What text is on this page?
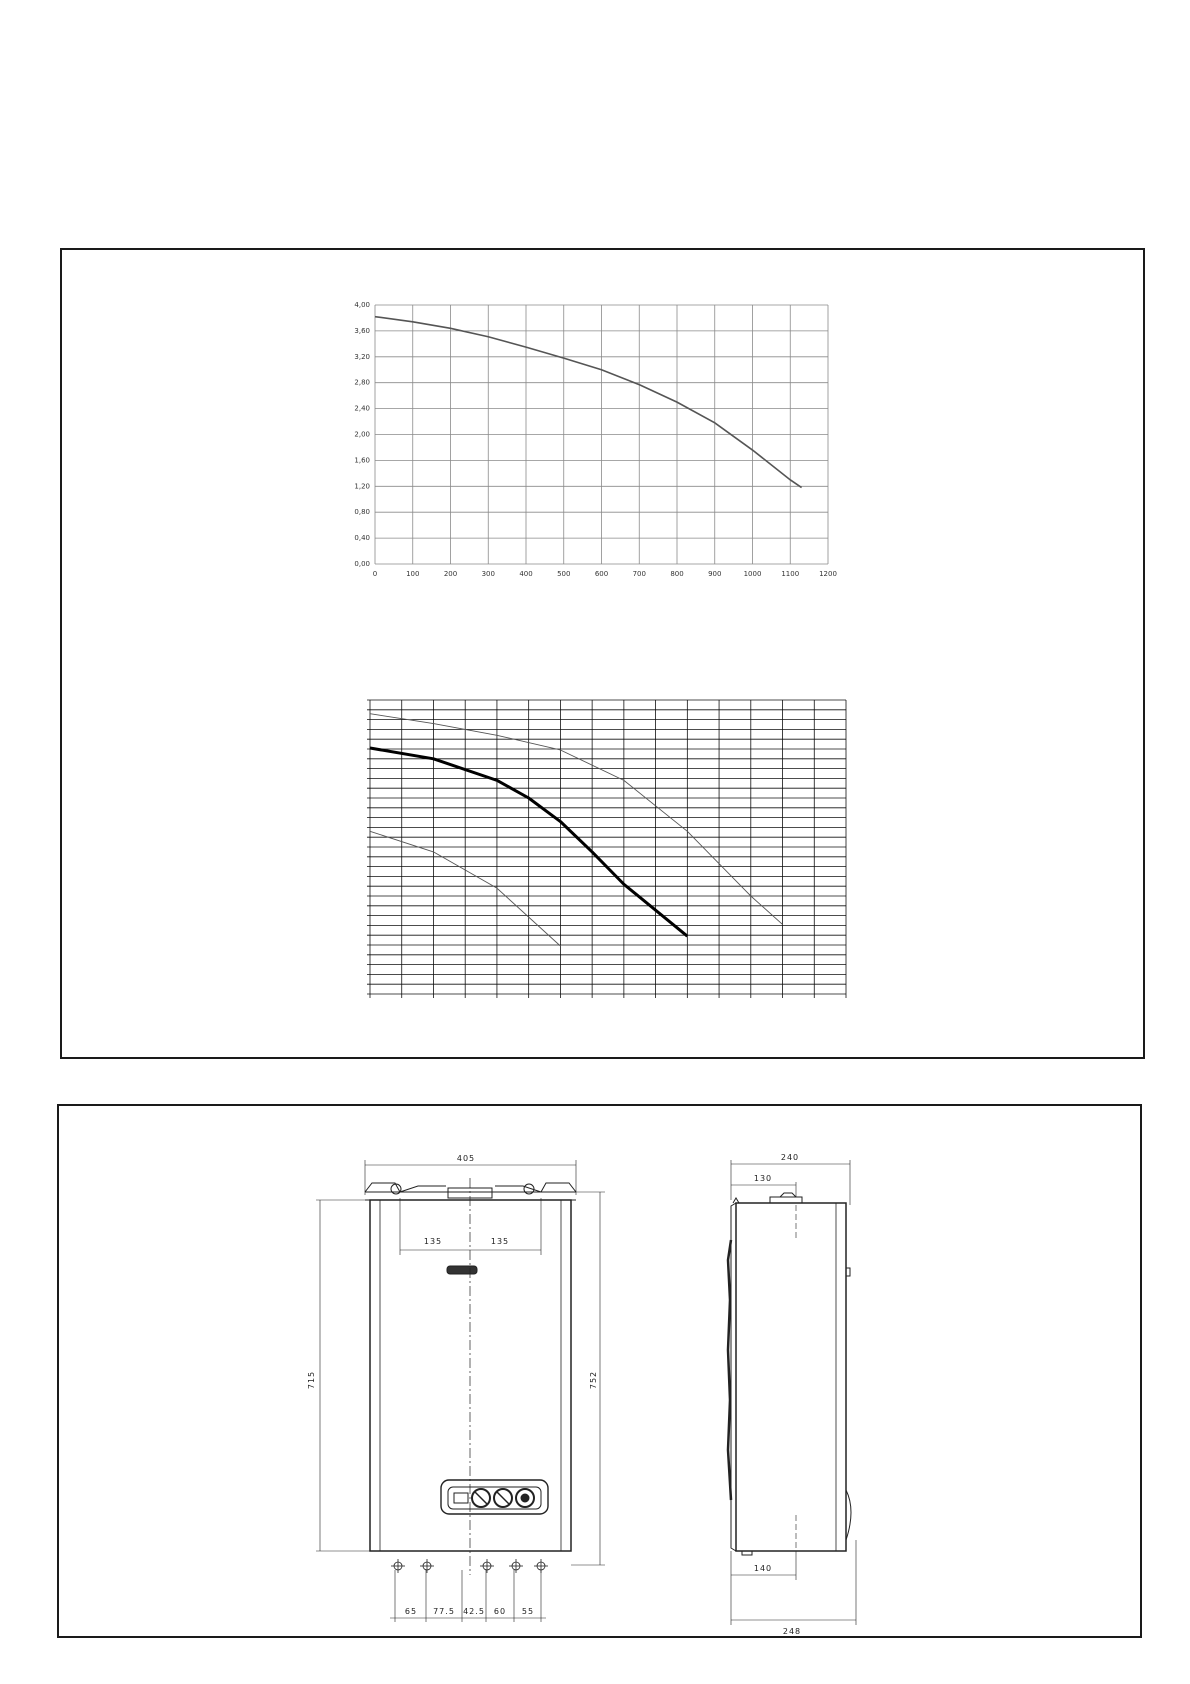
0	100	200	300	400	500	600	700	800	900	1000	1100	1200
0,00
0,40
0,80
1,20
1,60
2,00
2,40
2,80
3,20
3,60
4,00
405
135	135
715	752
65 77.5 42.5 60 55
240
130
140
248
